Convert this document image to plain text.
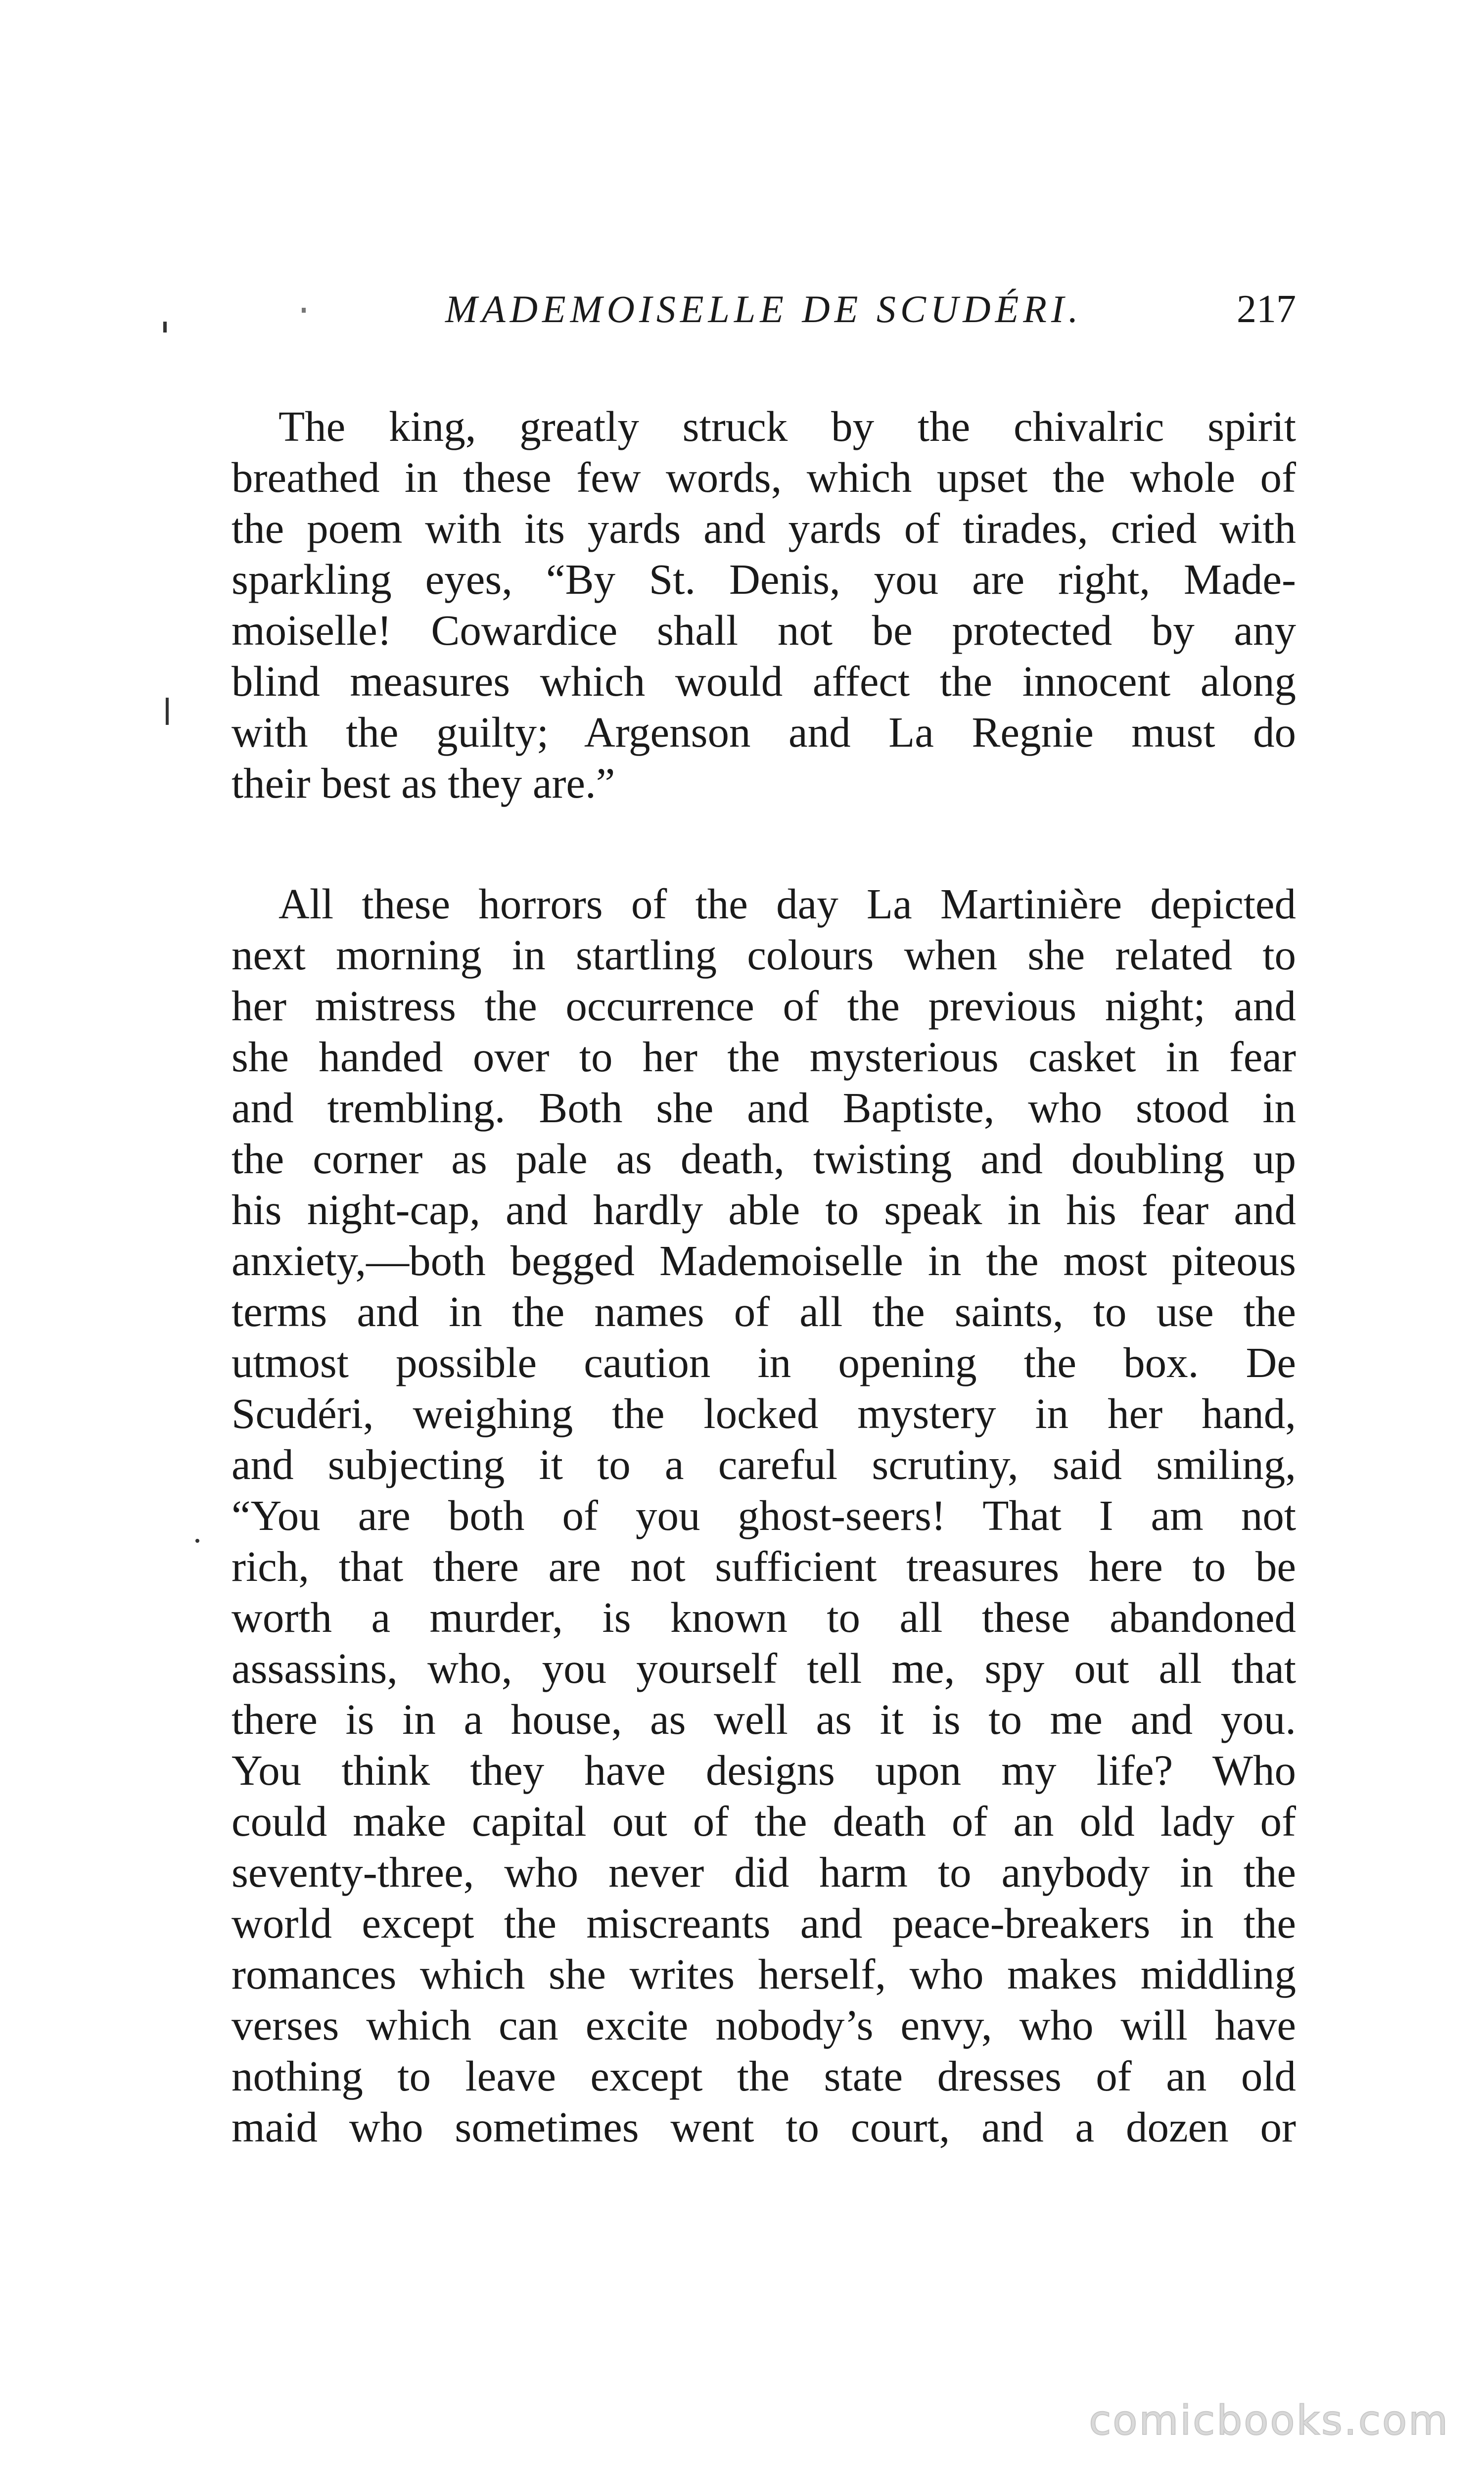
MADEMOISELLE DE SCUDÉRI.	217
The king, greatly struck by the chivalric spirit
breathed in these few words, which upset the whole of
the poem with its yards and yards of tirades, cried with
sparkling eyes, “By St. Denis, you are right, Made-
moiselle! Cowardice shall not be protected by any
blind measures which would affect the innocent along
with the guilty; Argenson and La Regnie must do
their best as they are.”
All these horrors of the day La Martinière depicted
next morning in startling colours when she related to
her mistress the occurrence of the previous night; and
she handed over to her the mysterious casket in fear
and trembling. Both she and Baptiste, who stood in
the corner as pale as death, twisting and doubling up
his night-cap, and hardly able to speak in his fear and
anxiety,—both begged Mademoiselle in the most piteous
terms and in the names of all the saints, to use the
utmost possible caution in opening the box. De
Scudéri, weighing the locked mystery in her hand,
and subjecting it to a careful scrutiny, said smiling,
“You are both of you ghost-seers! That I am not
rich, that there are not sufficient treasures here to be
worth a murder, is known to all these abandoned
assassins, who, you yourself tell me, spy out all that
there is in a house, as well as it is to me and you.
You think they have designs upon my life? Who
could make capital out of the death of an old lady of
seventy-three, who never did harm to anybody in the
world except the miscreants and peace-breakers in the
romances which she writes herself, who makes middling
verses which can excite nobody’s envy, who will have
nothing to leave except the state dresses of an old
maid who sometimes went to court, and a dozen or
comicbooks.com
